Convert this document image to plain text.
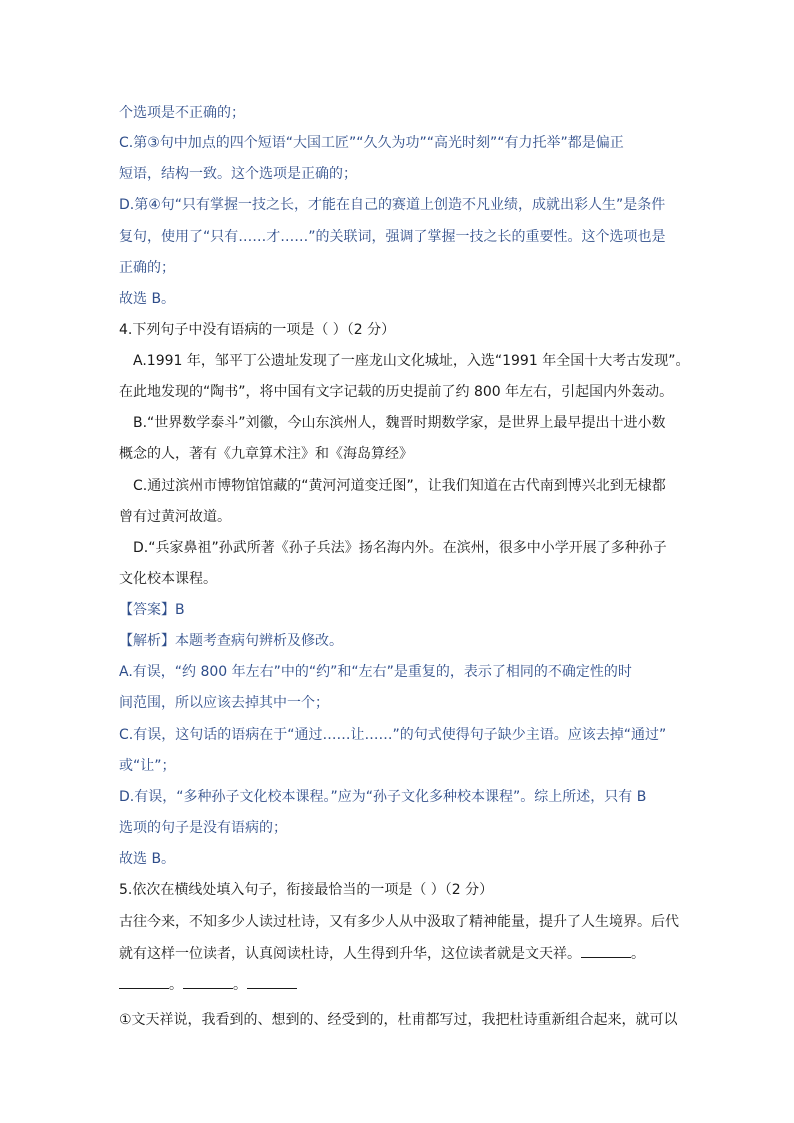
个选项是不正确的；
C.第③句中加点的四个短语“大国工匠”“久久为功”“高光时刻”“有力托举”都是偏正
短语，结构一致。这个选项是正确的；
D.第④句“只有掌握一技之长，才能在自己的赛道上创造不凡业绩，成就出彩人生”是条件
复句，使用了“只有……才……”的关联词，强调了掌握一技之长的重要性。这个选项也是
正确的；
故选 B。
4.下列句子中没有语病的一项是（ ）（2 分）
A.1991 年，邹平丁公遗址发现了一座龙山文化城址，入选“1991 年全国十大考古发现”。
在此地发现的“陶书”，将中国有文字记载的历史提前了约 800 年左右，引起国内外轰动。
B.“世界数学泰斗”刘徽，今山东滨州人，魏晋时期数学家，是世界上最早提出十进小数
概念的人，著有《九章算术注》和《海岛算经》
C.通过滨州市博物馆馆藏的“黄河河道变迁图”，让我们知道在古代南到博兴北到无棣都
曾有过黄河故道。
D.“兵家鼻祖”孙武所著《孙子兵法》扬名海内外。在滨州，很多中小学开展了多种孙子
文化校本课程。
【答案】B
【解析】本题考查病句辨析及修改。
A.有误，“约 800 年左右”中的“约”和“左右”是重复的，表示了相同的不确定性的时
间范围，所以应该去掉其中一个；
C.有误，这句话的语病在于“通过……让……”的句式使得句子缺少主语。应该去掉“通过”
或“让”；
D.有误，“多种孙子文化校本课程。”应为“孙子文化多种校本课程”。综上所述，只有 B
选项的句子是没有语病的；
故选 B。
5.依次在横线处填入句子，衔接最恰当的一项是（ ）（2 分）
古往今来，不知多少人读过杜诗，又有多少人从中汲取了精神能量，提升了人生境界。后代
就有这样一位读者，认真阅读杜诗，人生得到升华，这位读者就是文天祥。	。
。	。
①文天祥说，我看到的、想到的、经受到的，杜甫都写过，我把杜诗重新组合起来，就可以
